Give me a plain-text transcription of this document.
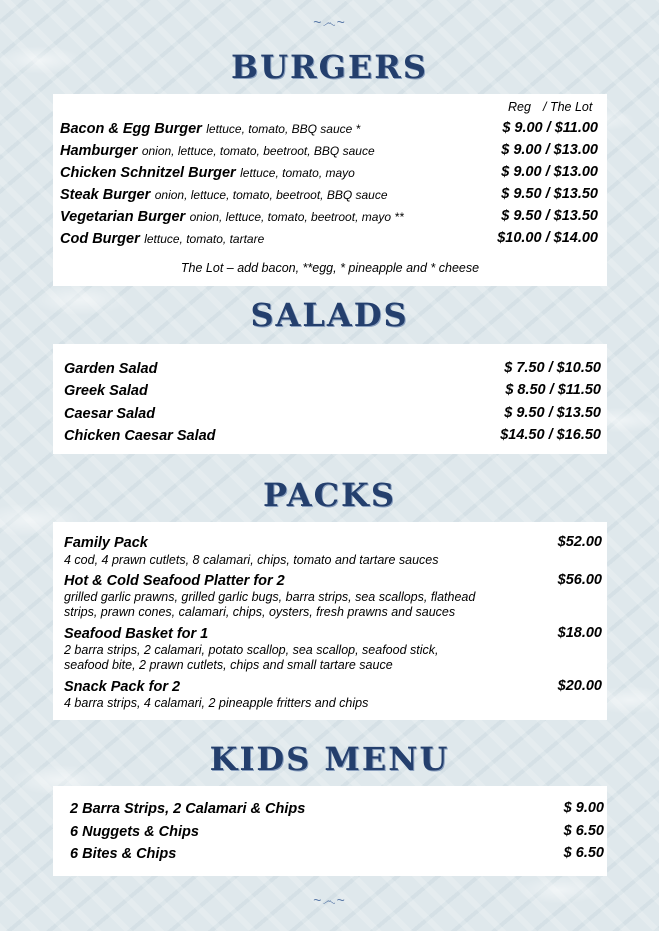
~෴~
BURGERS
Reg / The Lot
Bacon & Egg Burger lettuce, tomato, BBQ sauce *	$ 9.00 / $11.00
Hamburger onion, lettuce, tomato, beetroot, BBQ sauce	$ 9.00 / $13.00
Chicken Schnitzel Burger lettuce, tomato, mayo	$ 9.00 / $13.00
Steak Burger onion, lettuce, tomato, beetroot, BBQ sauce	$ 9.50 / $13.50
Vegetarian Burger onion, lettuce, tomato, beetroot, mayo **	$ 9.50 / $13.50
Cod Burger lettuce, tomato, tartare	$10.00 / $14.00
The Lot – add bacon, **egg, * pineapple and * cheese
SALADS
Garden Salad	$ 7.50 / $10.50
Greek Salad	$ 8.50 / $11.50
Caesar Salad	$ 9.50 / $13.50
Chicken Caesar Salad	$14.50 / $16.50
PACKS
Family Pack	$52.00
4 cod, 4 prawn cutlets, 8 calamari, chips, tomato and tartare sauces
Hot & Cold Seafood Platter for 2	$56.00
grilled garlic prawns, grilled garlic bugs, barra strips, sea scallops, flathead
strips, prawn cones, calamari, chips, oysters, fresh prawns and sauces
Seafood Basket for 1	$18.00
2 barra strips, 2 calamari, potato scallop, sea scallop, seafood stick,
seafood bite, 2 prawn cutlets, chips and small tartare sauce
Snack Pack for 2	$20.00
4 barra strips, 4 calamari, 2 pineapple fritters and chips
KIDS MENU
2 Barra Strips, 2 Calamari & Chips	$ 9.00
6 Nuggets & Chips	$ 6.50
6 Bites & Chips	$ 6.50
~෴~
